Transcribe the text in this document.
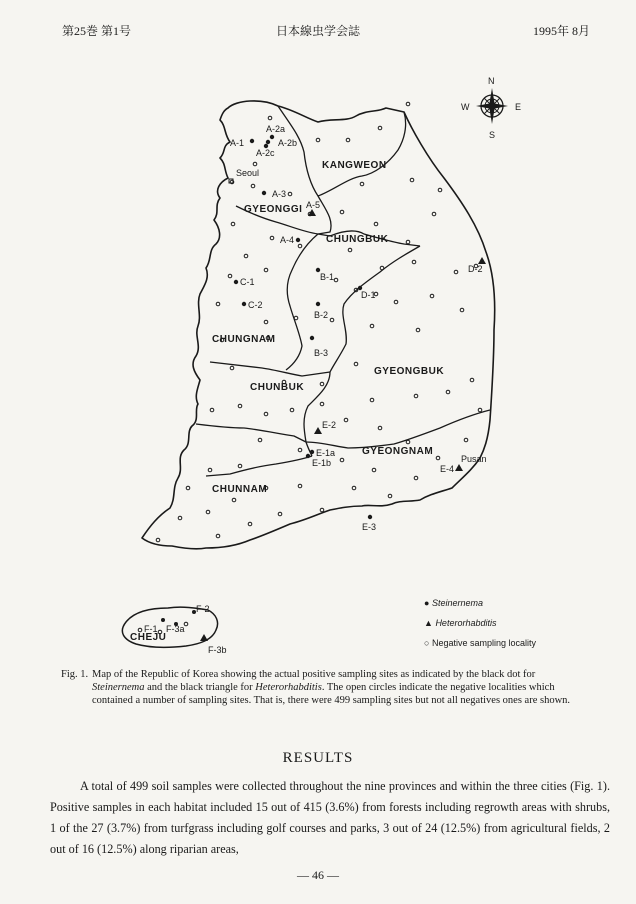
第25巻 第1号	日本線虫学会誌	1995年 8月
N
S
E
W
A-1
A-2a
A-2b
A-2c
A-3
A-4
B-1
B-2
B-3
C-1
C-2
D-1
E-1a
E-1b
E-3
F-1
F-2
F-3a
A-5
D-2
E-2
E-4
F-3b
Seoul
Pusan
KANGWEON
GYEONGGI
CHUNGBUK
CHUNGNAM
CHUNBUK
GYEONGBUK
GYEONGNAM
CHUNNAM
CHEJU
● Steinernema
▲ Heterorhabditis
○ Negative sampling locality
Fig. 1. Map of the Republic of Korea showing the actual positive sampling sites as indicated by the black dot for Steinernema and the black triangle for Heterorhabditis. The open circles indicate the negative localities which contained a number of sampling sites. That is, there were 499 sampling sites but not all negatives ones are shown.
RESULTS

A total of 499 soil samples were collected throughout the nine provinces and within the three cities (Fig. 1). Positive samples in each habitat included 15 out of 415 (3.6%) from forests including regrowth areas with shrubs, 1 of the 27 (3.7%) from turfgrass including golf courses and parks, 3 out of 24 (12.5%) from agricultural fields, 2 out of 16 (12.5%) along riparian areas,

— 46 —
